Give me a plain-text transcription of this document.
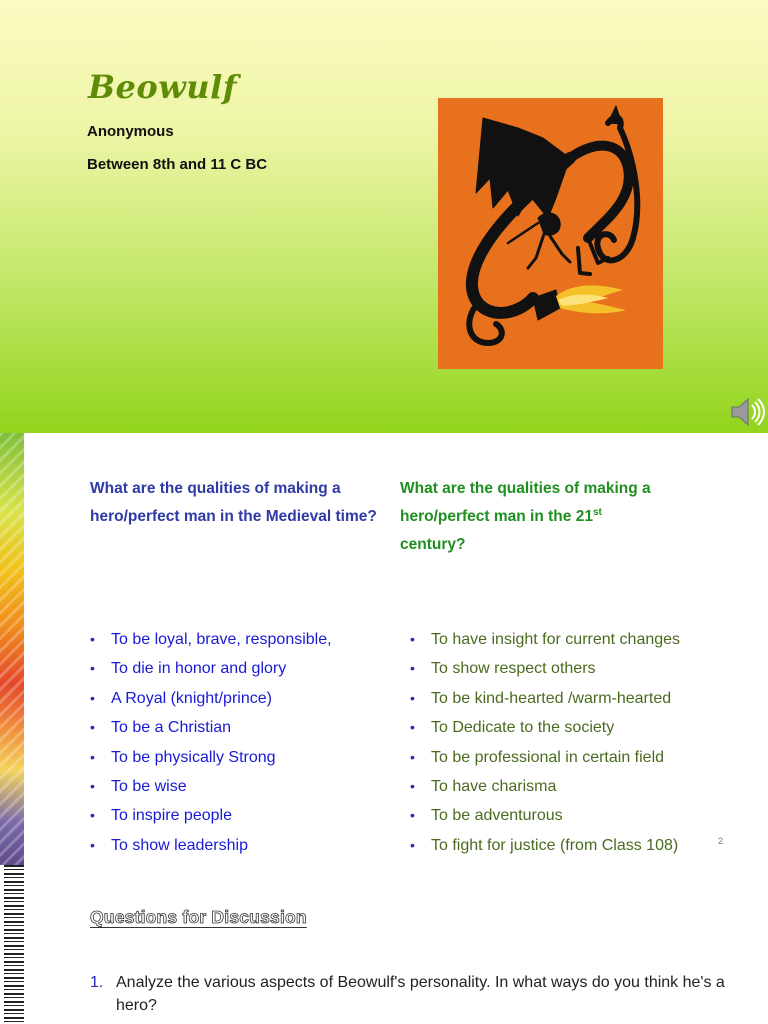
Beowulf
Anonymous
Between 8th and 11 C BC
What are the qualities of making a hero/perfect man in the Medieval time?
• To be loyal, brave, responsible,
• To die in honor and glory
• A Royal (knight/prince)
• To be a Christian
• To be physically Strong
• To be wise
• To inspire people
• To show leadership
What are the qualities of making a
hero/perfect man in the 21st
century?
• To have insight for current changes
• To show respect others
• To be kind-hearted /warm-hearted
• To Dedicate to the society
• To be professional in certain field
• To have charisma
• To be adventurous
• To fight for justice (from Class 108)	2
Questions for Discussion
1. Analyze the various aspects of Beowulf's personality. In what ways do you think he's a hero?
